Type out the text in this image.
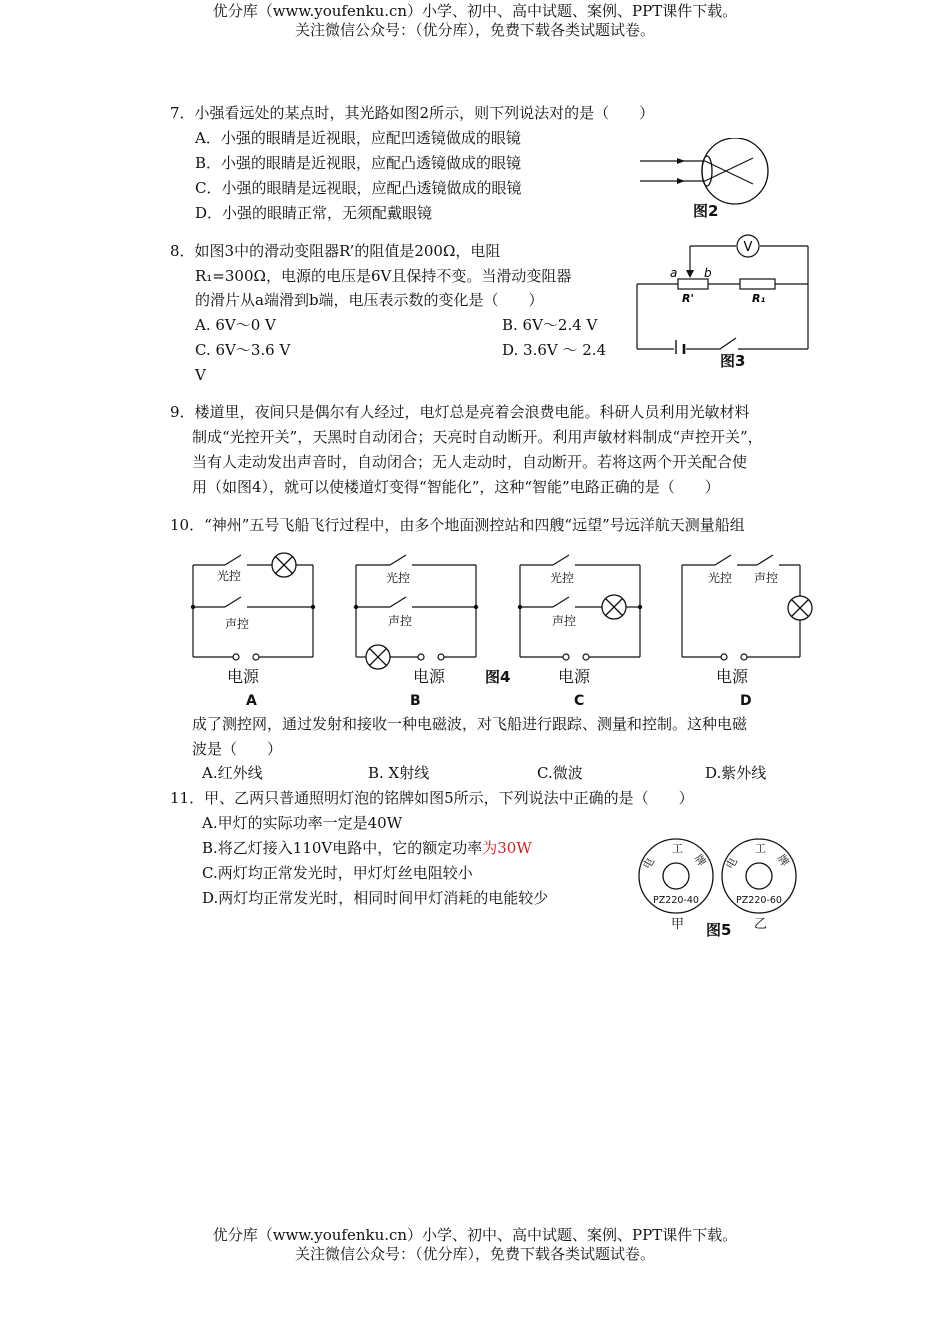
优分库（www.youfenku.cn）小学、初中、高中试题、案例、PPT课件下载。
关注微信公众号：（优分库），免费下载各类试题试卷。
7．小强看远处的某点时，其光路如图2所示，则下列说法对的是（　　）
A．小强的眼睛是近视眼，应配凹透镜做成的眼镜
B．小强的眼睛是近视眼，应配凸透镜做成的眼镜
C．小强的眼睛是远视眼，应配凸透镜做成的眼镜
D．小强的眼睛正常，无须配戴眼镜	图2
8．如图3中的滑动变阻器R’的阻值是200Ω，电阻
R₁=300Ω，电源的电压是6V且保持不变。当滑动变阻器
的滑片从a端滑到b端，电压表示数的变化是（　　）
A. 6V～0 V	B. 6V～2.4 V
C. 6V～3.6 V	D. 3.6V ～ 2.4
V
V
a b
R'	R₁
图3
9．楼道里，夜间只是偶尔有人经过，电灯总是亮着会浪费电能。科研人员利用光敏材料
制成“光控开关”，天黑时自动闭合；天亮时自动断开。利用声敏材料制成“声控开关”，
当有人走动发出声音时，自动闭合；无人走动时，自动断开。若将这两个开关配合使
用（如图4），就可以使楼道灯变得“智能化”，这种“智能”电路正确的是（　　）
10．“神州”五号飞船飞行过程中，由多个地面测控站和四艘“远望”号远洋航天测量船组
光控
声控
光控
声控
光控
声控
光控 声控
电源	电源	电源	电源
图4
A	B	C	D
成了测控网，通过发射和接收一种电磁波，对飞船进行跟踪、测量和控制。这种电磁
波是（　　）
A.红外线	B. X射线	C.微波	D.紫外线
11．甲、乙两只普通照明灯泡的铭牌如图5所示，下列说法中正确的是（　　）
A.甲灯的实际功率一定是40W
B.将乙灯接入110V电路中，它的额定功率为30W
C.两灯均正常发光时，甲灯灯丝电阻较小
D.两灯均正常发光时，相同时间甲灯消耗的电能较少
电
工
牌 电
工
牌
PZ220-40	PZ220-60
甲	乙
图5
优分库（www.youfenku.cn）小学、初中、高中试题、案例、PPT课件下载。
关注微信公众号：（优分库），免费下载各类试题试卷。
